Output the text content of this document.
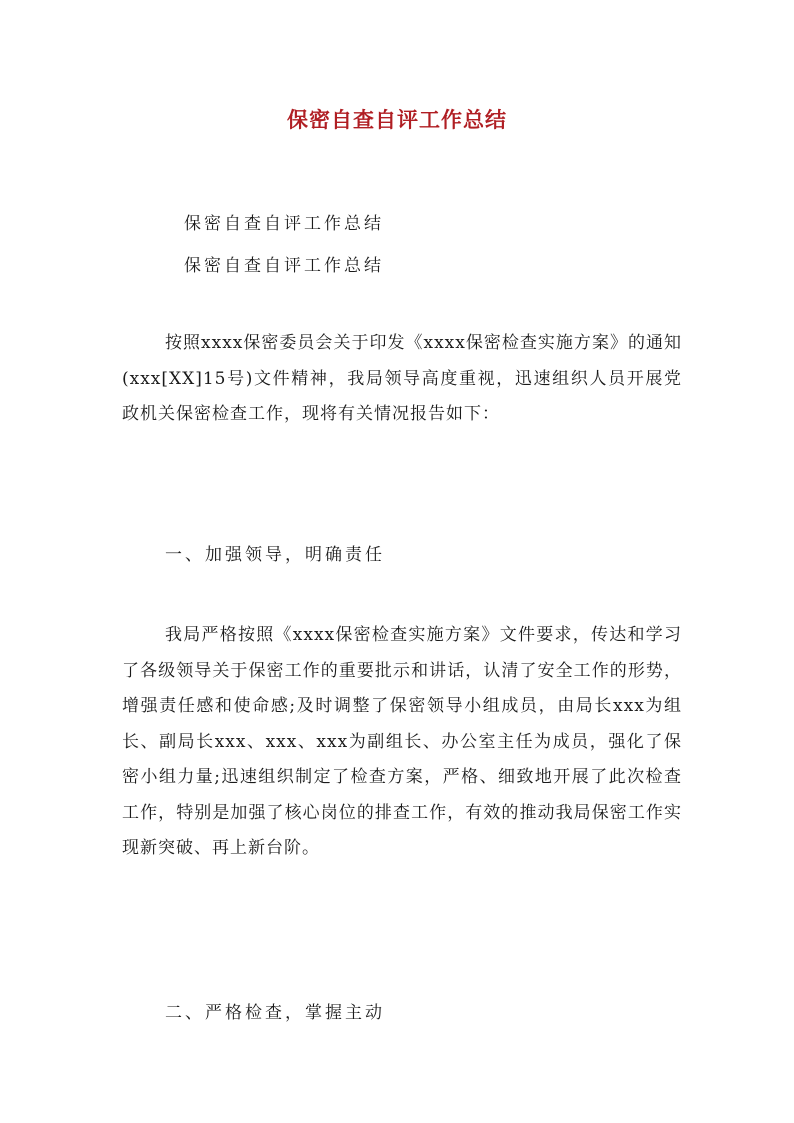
保密自查自评工作总结
保密自查自评工作总结
保密自查自评工作总结

按照xxxx保密委员会关于印发《xxxx保密检查实施方案》的通知(xxx[XX]15号)文件精神，我局领导高度重视，迅速组织人员开展党政机关保密检查工作，现将有关情况报告如下：

一、加强领导，明确责任

我局严格按照《xxxx保密检查实施方案》文件要求，传达和学习了各级领导关于保密工作的重要批示和讲话，认清了安全工作的形势，增强责任感和使命感;及时调整了保密领导小组成员，由局长xxx为组长、副局长xxx、xxx、xxx为副组长、办公室主任为成员，强化了保密小组力量;迅速组织制定了检查方案，严格、细致地开展了此次检查工作，特别是加强了核心岗位的排查工作，有效的推动我局保密工作实现新突破、再上新台阶。

二、严格检查，掌握主动
